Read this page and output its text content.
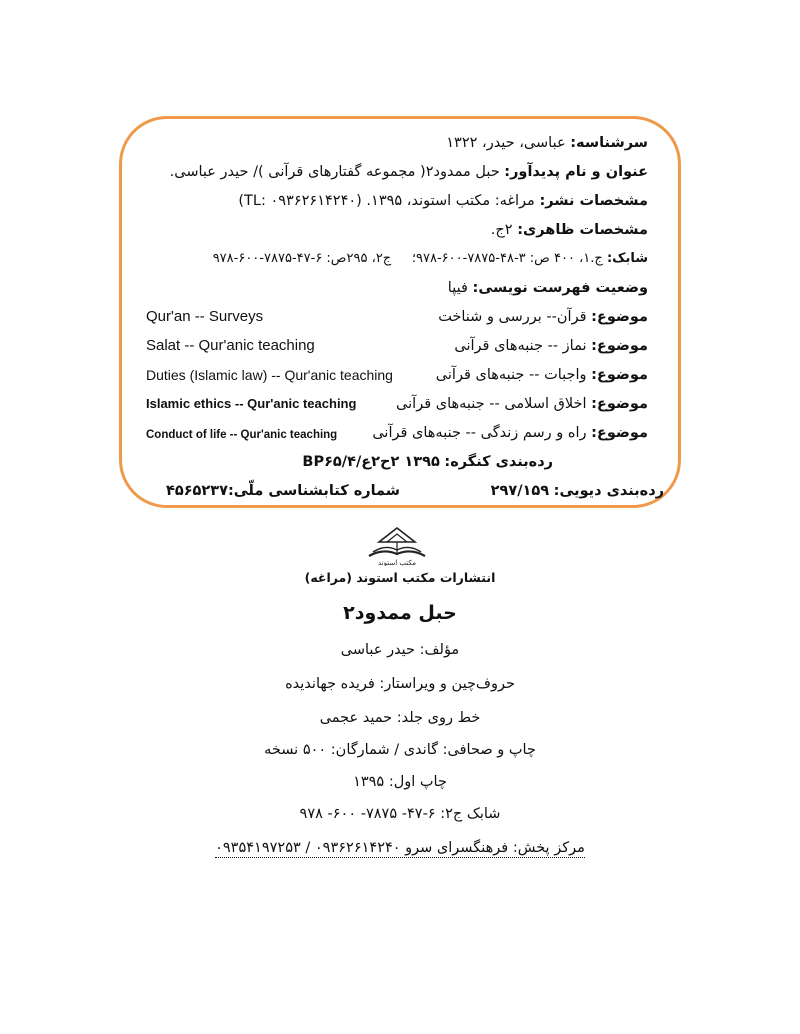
سرشناسه: عباسی، حیدر، ۱۳۲۲
عنوان و نام پدیدآور: حبل ممدود۲( مجموعه گفتارهای قرآنی )/ حیدر عباسی.
مشخصات نشر: مراغه: مکتب استوند، ۱۳۹۵. (۰۹۳۶۲۶۱۴۲۴۰ :TL)
مشخصات ظاهری: ۲ج.
شابک: ج.۱، ۴۰۰ ص: ۳-۴۸-۷۸۷۵-۶۰۰-۹۷۸؛     ج۲، ۲۹۵ص: ۶-۴۷-۷۸۷۵-۶۰۰-۹۷۸
وضعیت فهرست نویسی: فیپا
موضوع: قرآن-- بررسی و شناخت
Qur'an -- Surveys
موضوع: نماز -- جنبه‌های قرآنی
Salat -- Qur'anic teaching
موضوع: واجبات -- جنبه‌های قرآنی
Duties (Islamic law) -- Qur'anic teaching
موضوع: اخلاق اسلامی -- جنبه‌های قرآنی
Islamic ethics -- Qur'anic teaching
موضوع: راه و رسم زندگی -- جنبه‌های قرآنی
Conduct of life -- Qur'anic teaching
رده‌بندی کنگره: ۱۳۹۵ ۲ح۲ع/۴/BP۶۵
رده‌بندی دیویی: ۲۹۷/۱۵۹
شماره کتابشناسی ملّی:۴۵۶۵۲۳۷
مکتب استوند
انتشارات مکتب استوند (مراغه)
حبل ممدود۲
مؤلف: حیدر عباسی
حروف‌چین و ویراستار: فریده جهاندیده
خط روی جلد: حمید عجمی
چاپ و صحافی: گاندی / شمارگان: ۵۰۰ نسخه
چاپ اول: ۱۳۹۵
شابک ج۲: ۶-۴۷- ۷۸۷۵- ۶۰۰- ۹۷۸
مرکز پخش: فرهنگسرای سرو ۰۹۳۶۲۶۱۴۲۴۰ / ۰۹۳۵۴۱۹۷۲۵۳
